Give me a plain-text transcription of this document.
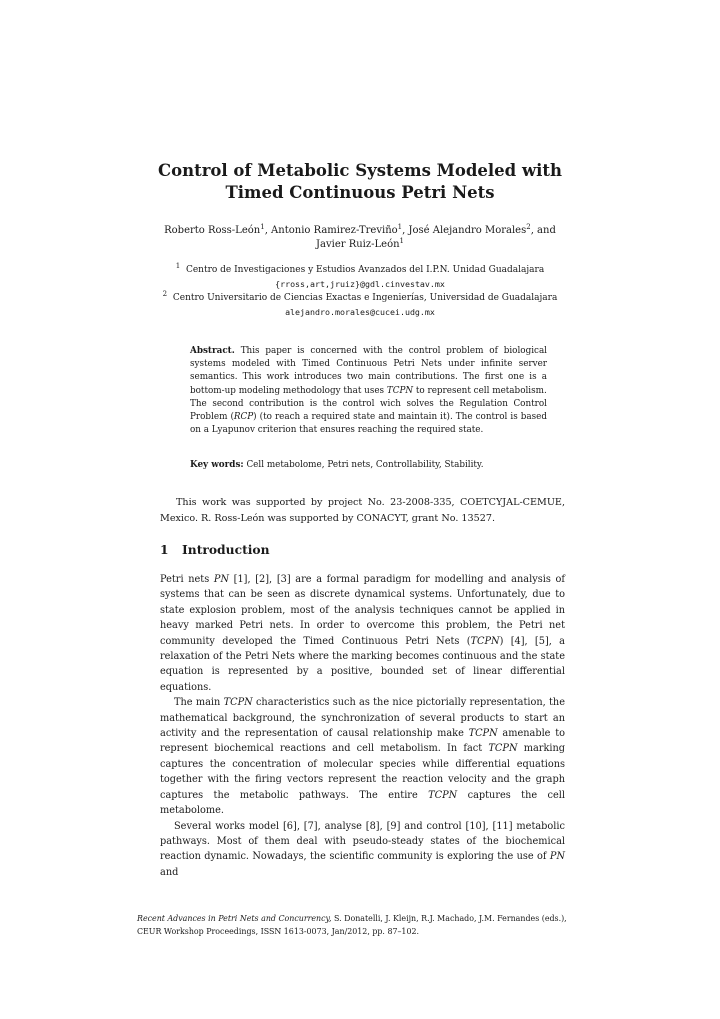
Control of Metabolic Systems Modeled with
Timed Continuous Petri Nets
Roberto Ross-León$^1$, Antonio Ramirez-Treviño$^1$, José Alejandro Morales$^2$, and
Javier Ruiz-León$^1$
$^1$ Centro de Investigaciones y Estudios Avanzados del I.P.N. Unidad Guadalajara
{rross,art,jruiz}@gdl.cinvestav.mx
$^2$ Centro Universitario de Ciencias Exactas e Ingenierías, Universidad de Guadalajara
alejandro.morales@cucei.udg.mx

Abstract. This paper is concerned with the control problem of biological systems modeled with Timed Continuous Petri Nets under infinite server semantics. This work introduces two main contributions. The first one is a bottom-up modeling methodology that uses TCPN to represent cell metabolism.

The second contribution is the control wich solves the Regulation Control Problem (RCP) (to reach a required state and maintain it). The control is based on a Lyapunov criterion that ensures reaching the required state.

Key words: Cell metabolome, Petri nets, Controllability, Stability.

This work was supported by project No. 23-2008-335, COETCYJAL-CEMUE, Mexico. R. Ross-León was supported by CONACYT, grant No. 13527.

1 Introduction

Petri nets PN [1], [2], [3] are a formal paradigm for modelling and analysis of systems that can be seen as discrete dynamical systems. Unfortunately, due to state explosion problem, most of the analysis techniques cannot be applied in heavy marked Petri nets. In order to overcome this problem, the Petri net community developed the Timed Continuous Petri Nets (TCPN) [4], [5], a relaxation of the Petri Nets where the marking becomes continuous and the state equation is represented by a positive, bounded set of linear differential equations.

The main TCPN characteristics such as the nice pictorially representation, the mathematical background, the synchronization of several products to start an activity and the representation of causal relationship make TCPN amenable to represent biochemical reactions and cell metabolism. In fact TCPN marking captures the concentration of molecular species while differential equations together with the firing vectors represent the reaction velocity and the graph captures the metabolic pathways. The entire TCPN captures the cell metabolome.

Several works model [6], [7], analyse [8], [9] and control [10], [11] metabolic pathways. Most of them deal with pseudo-steady states of the biochemical reaction dynamic. Nowadays, the scientific community is exploring the use of PN and

Recent Advances in Petri Nets and Concurrency, S. Donatelli, J. Kleijn, R.J. Machado, J.M. Fernandes (eds.), CEUR Workshop Proceedings, ISSN 1613-0073, Jan/2012, pp. 87–102.
